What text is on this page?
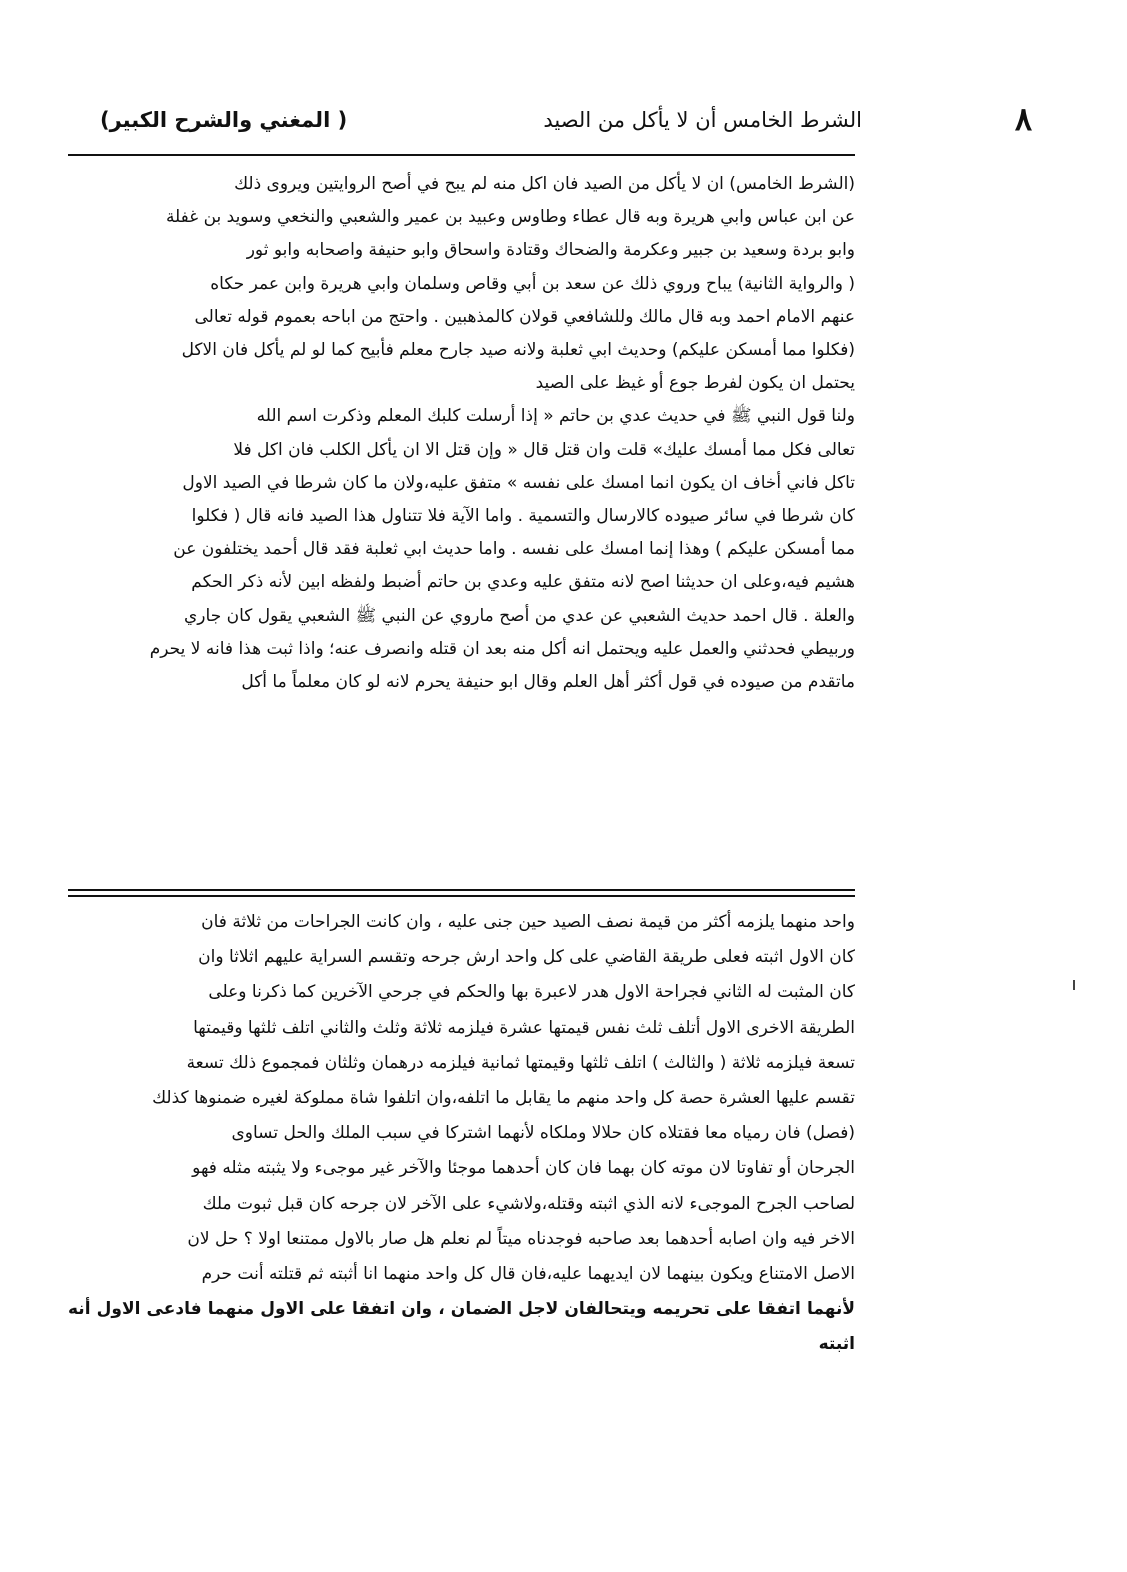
٨
الشرط الخامس أن لا يأكل من الصيد
( المغني والشرح الكبير)

(الشرط الخامس) ان لا يأكل من الصيد فان اكل منه لم يبح في أصح الروايتين ويروى ذلك

عن ابن عباس وابي هريرة وبه قال عطاء وطاوس وعبيد بن عمير والشعبي والنخعي وسويد بن غفلة

وابو بردة وسعيد بن جبير وعكرمة والضحاك وقتادة واسحاق وابو حنيفة واصحابه وابو ثور

( والرواية الثانية) يباح وروي ذلك عن سعد بن أبي وقاص وسلمان وابي هريرة وابن عمر حكاه

عنهم الامام احمد وبه قال مالك وللشافعي قولان كالمذهبين . واحتج من اباحه بعموم قوله تعالى

(فكلوا مما أمسكن عليكم) وحديث ابي ثعلبة ولانه صيد جارح معلم فأبيح كما لو لم يأكل فان الاكل

يحتمل ان يكون لفرط جوع أو غيظ على الصيد

ولنا قول النبي ﷺ في حديث عدي بن حاتم « إذا أرسلت كلبك المعلم وذكرت اسم الله

تعالى فكل مما أمسك عليك» قلت وان قتل قال « وإن قتل الا ان يأكل الكلب فان اكل فلا

تاكل فاني أخاف ان يكون انما امسك على نفسه » متفق عليه،ولان ما كان شرطا في الصيد الاول

كان شرطا في سائر صيوده كالارسال والتسمية . واما الآية فلا تتناول هذا الصيد فانه قال ( فكلوا

مما أمسكن عليكم ) وهذا إنما امسك على نفسه . واما حديث ابي ثعلبة فقد قال أحمد يختلفون عن

هشيم فيه،وعلى ان حديثنا اصح لانه متفق عليه وعدي بن حاتم أضبط ولفظه ابين لأنه ذكر الحكم

والعلة . قال احمد حديث الشعبي عن عدي من أصح ماروي عن النبي ﷺ الشعبي يقول كان جاري

وربيطي فحدثني والعمل عليه ويحتمل انه أكل منه بعد ان قتله وانصرف عنه؛ واذا ثبت هذا فانه لا يحرم

ماتقدم من صيوده في قول أكثر أهل العلم وقال ابو حنيفة يحرم لانه لو كان معلماً ما أكل

واحد منهما يلزمه أكثر من قيمة نصف الصيد حين جنى عليه ، وان كانت الجراحات من ثلاثة فان

كان الاول اثبته فعلى طريقة القاضي على كل واحد ارش جرحه وتقسم السراية عليهم اثلاثا وان

كان المثبت له الثاني فجراحة الاول هدر لاعبرة بها والحكم في جرحي الآخرين كما ذكرنا وعلى

الطريقة الاخرى الاول أتلف ثلث نفس قيمتها عشرة فيلزمه ثلاثة وثلث والثاني اتلف ثلثها وقيمتها

تسعة فيلزمه ثلاثة ( والثالث ) اتلف ثلثها وقيمتها ثمانية فيلزمه درهمان وثلثان فمجموع ذلك تسعة

تقسم عليها العشرة حصة كل واحد منهم ما يقابل ما اتلفه،وان اتلفوا شاة مملوكة لغيره ضمنوها كذلك

(فصل) فان رمياه معا فقتلاه كان حلالا وملكاه لأنهما اشتركا في سبب الملك والحل تساوى

الجرحان أو تفاوتا لان موته كان بهما فان كان أحدهما موجئا والآخر غير موجىء ولا يثبته مثله فهو

لصاحب الجرح الموجىء لانه الذي اثبته وقتله،ولاشيء على الآخر لان جرحه كان قبل ثبوت ملك

الاخر فيه وان اصابه أحدهما بعد صاحبه فوجدناه ميتاً لم نعلم هل صار بالاول ممتنعا اولا ؟ حل لان

الاصل الامتناع ويكون بينهما لان ايديهما عليه،فان قال كل واحد منهما انا أثبته ثم قتلته أنت حرم

لأنهما اتفقا على تحريمه ويتحالفان لاجل الضمان ، وان اتفقا على الاول منهما فادعى الاول أنه اثبته
